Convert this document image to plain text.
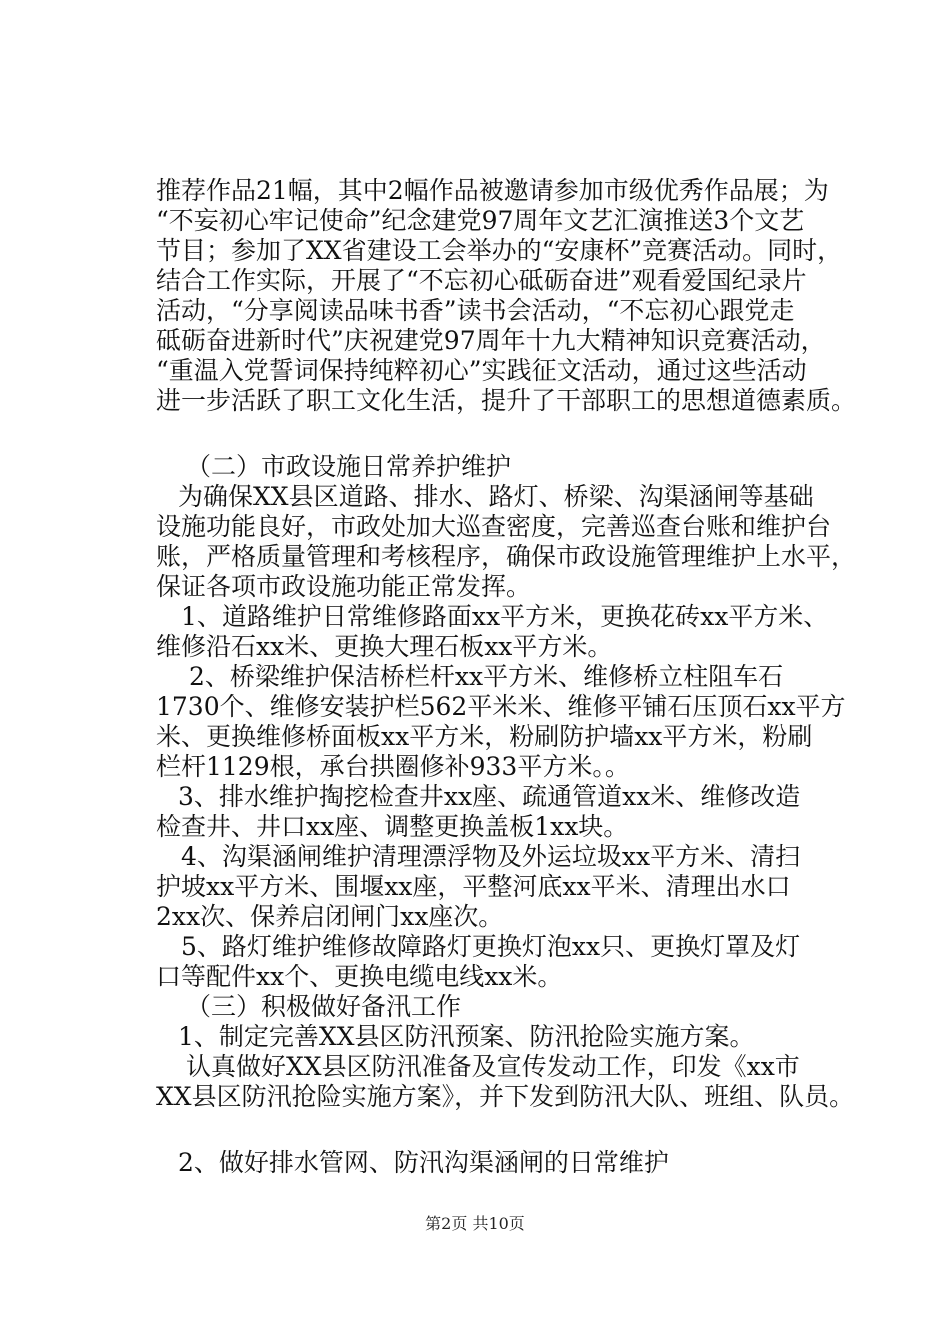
推荐作品21幅，其中2幅作品被邀请参加市级优秀作品展；为
“不妄初心牢记使命”纪念建党97周年文艺汇演推送3个文艺
节目；参加了XX省建设工会举办的“安康杯”竞赛活动。同时，
结合工作实际，开展了“不忘初心砥砺奋进”观看爱国纪录片
活动，“分享阅读品味书香”读书会活动，“不忘初心跟党走
砥砺奋进新时代”庆祝建党97周年十九大精神知识竞赛活动，
“重温入党誓词保持纯粹初心”实践征文活动，通过这些活动
进一步活跃了职工文化生活，提升了干部职工的思想道德素质。
（二）市政设施日常养护维护
为确保XX县区道路、排水、路灯、桥梁、沟渠涵闸等基础
设施功能良好，市政处加大巡查密度，完善巡查台账和维护台
账，严格质量管理和考核程序，确保市政设施管理维护上水平，
保证各项市政设施功能正常发挥。
1、道路维护日常维修路面xx平方米，更换花砖xx平方米、
维修沿石xx米、更换大理石板xx平方米。
2、桥梁维护保洁桥栏杆xx平方米、维修桥立柱阻车石
1730个、维修安装护栏562平米米、维修平铺石压顶石xx平方
米、更换维修桥面板xx平方米，粉刷防护墙xx平方米，粉刷
栏杆1129根，承台拱圈修补933平方米。。
3、排水维护掏挖检查井xx座、疏通管道xx米、维修改造
检查井、井口xx座、调整更换盖板1xx块。
4、沟渠涵闸维护清理漂浮物及外运垃圾xx平方米、清扫
护坡xx平方米、围堰xx座，平整河底xx平米、清理出水口
2xx次、保养启闭闸门xx座次。
5、路灯维护维修故障路灯更换灯泡xx只、更换灯罩及灯
口等配件xx个、更换电缆电线xx米。
（三）积极做好备汛工作
1、制定完善XX县区防汛预案、防汛抢险实施方案。
认真做好XX县区防汛准备及宣传发动工作，印发《xx市
XX县区防汛抢险实施方案》，并下发到防汛大队、班组、队员。
2、做好排水管网、防汛沟渠涵闸的日常维护
第2页 共10页
